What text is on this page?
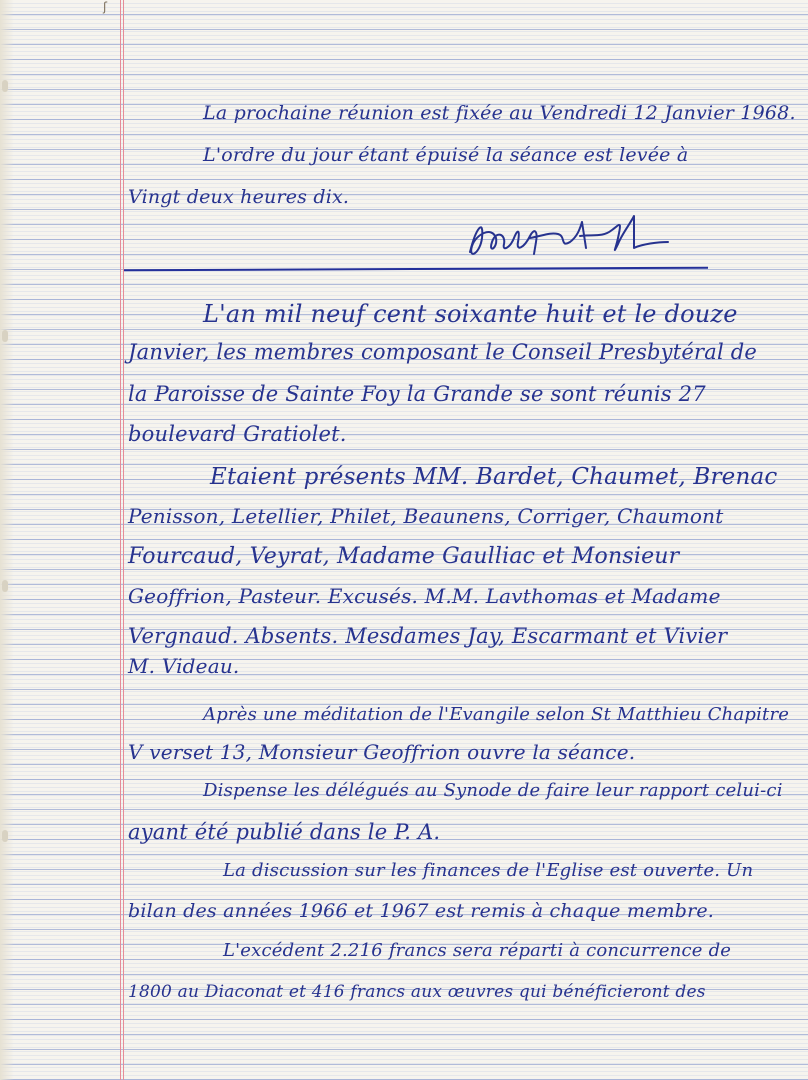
ʃ
La prochaine réunion est fixée au Vendredi 12 Janvier 1968.
L'ordre du jour étant épuisé la séance est levée à
Vingt deux heures dix.
L'an mil neuf cent soixante huit et le douze
Janvier, les membres composant le Conseil Presbytéral de
la Paroisse de Sainte Foy la Grande se sont réunis 27
boulevard Gratiolet.
Etaient présents MM. Bardet, Chaumet, Brenac
Penisson, Letellier, Philet, Beaunens, Corriger, Chaumont
Fourcaud, Veyrat, Madame Gaulliac et Monsieur
Geoffrion, Pasteur. Excusés. M.M. Lavthomas et Madame
Vergnaud. Absents. Mesdames Jay, Escarmant et Vivier
M. Videau.
Après une méditation de l'Evangile selon St Matthieu Chapitre
V verset 13, Monsieur Geoffrion ouvre la séance.
Dispense les délégués au Synode de faire leur rapport celui-ci
ayant été publié dans le P. A.
La discussion sur les finances de l'Eglise est ouverte. Un
bilan des années 1966 et 1967 est remis à chaque membre.
L'excédent 2.216 francs sera réparti à concurrence de
1800 au Diaconat et 416 francs aux œuvres qui bénéficieront des
